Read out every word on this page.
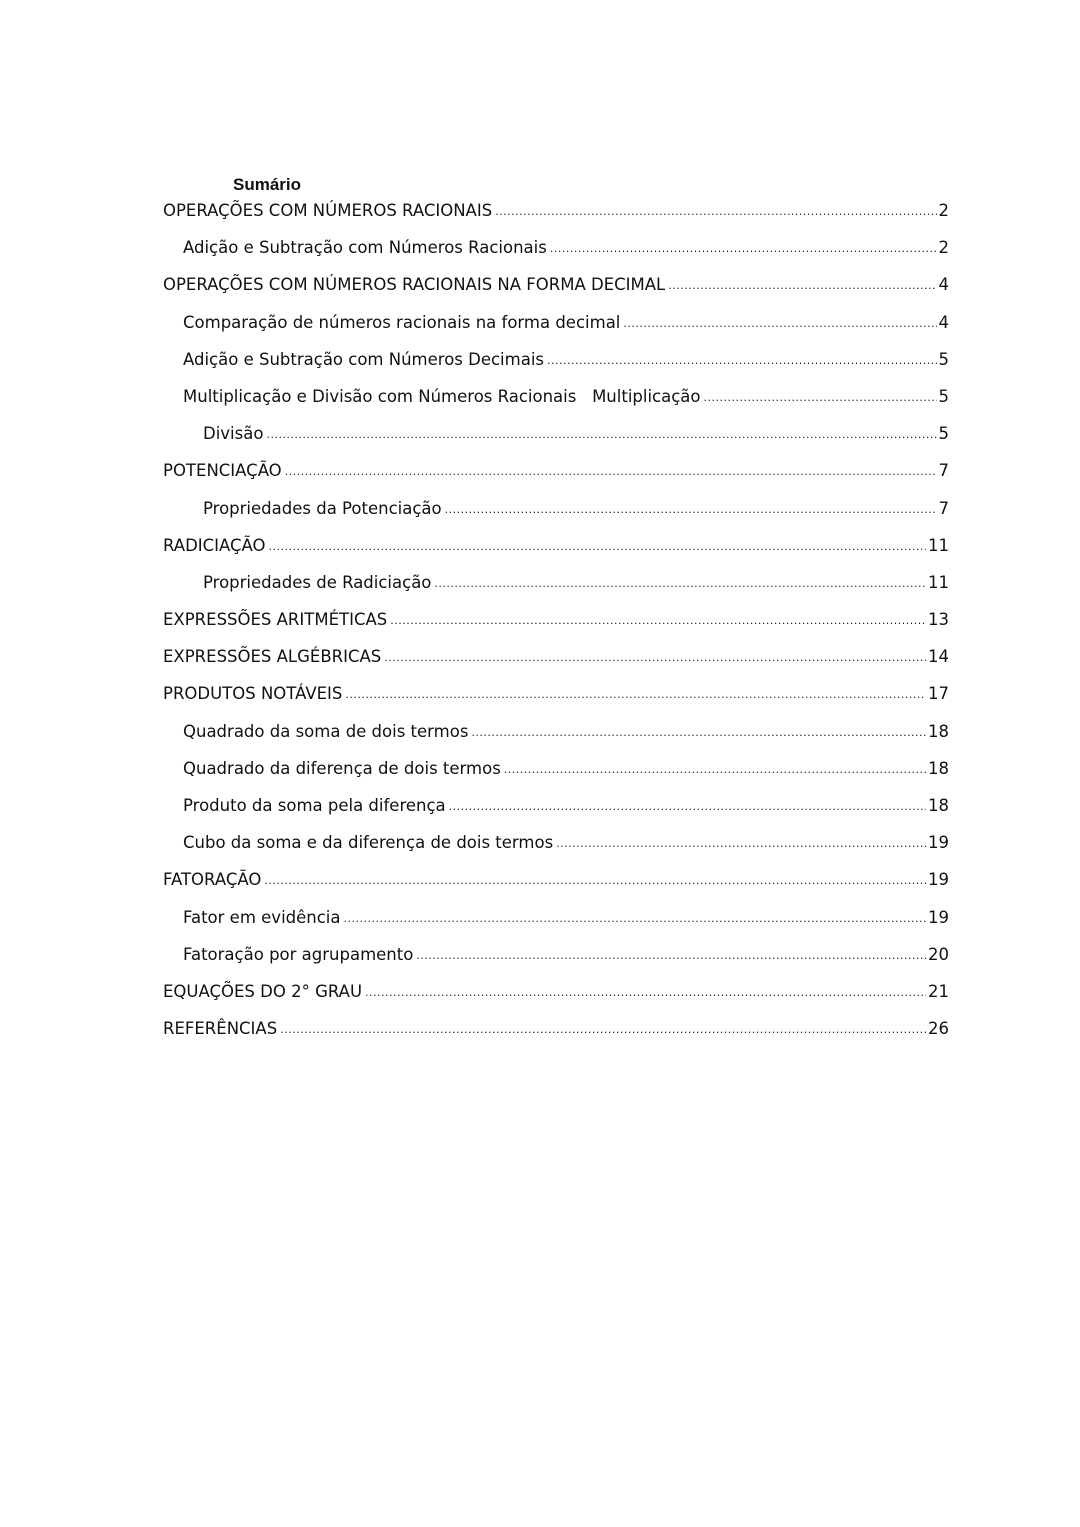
Sumário
OPERAÇÕES COM NÚMEROS RACIONAIS .....	2
Adição e Subtração com Números Racionais .....	2
OPERAÇÕES COM NÚMEROS RACIONAIS NA FORMA DECIMAL .....	4
Comparação de números racionais na forma decimal .....	4
Adição e Subtração com Números Decimais .....	5
Multiplicação e Divisão com Números Racionais   Multiplicação .....	5
Divisão .....	5
POTENCIAÇÃO .....	7
Propriedades da Potenciação .....	7
RADICIAÇÃO .....	11
Propriedades de Radiciação .....	11
EXPRESSÕES ARITMÉTICAS .....	13
EXPRESSÕES ALGÉBRICAS .....	14
PRODUTOS NOTÁVEIS .....	17
Quadrado da soma de dois termos .....	18
Quadrado da diferença de dois termos .....	18
Produto da soma pela diferença .....	18
Cubo da soma e da diferença de dois termos .....	19
FATORAÇÃO .....	19
Fator em evidência .....	19
Fatoração por agrupamento .....	20
EQUAÇÕES DO 2° GRAU .....	21
REFERÊNCIAS .....	26
